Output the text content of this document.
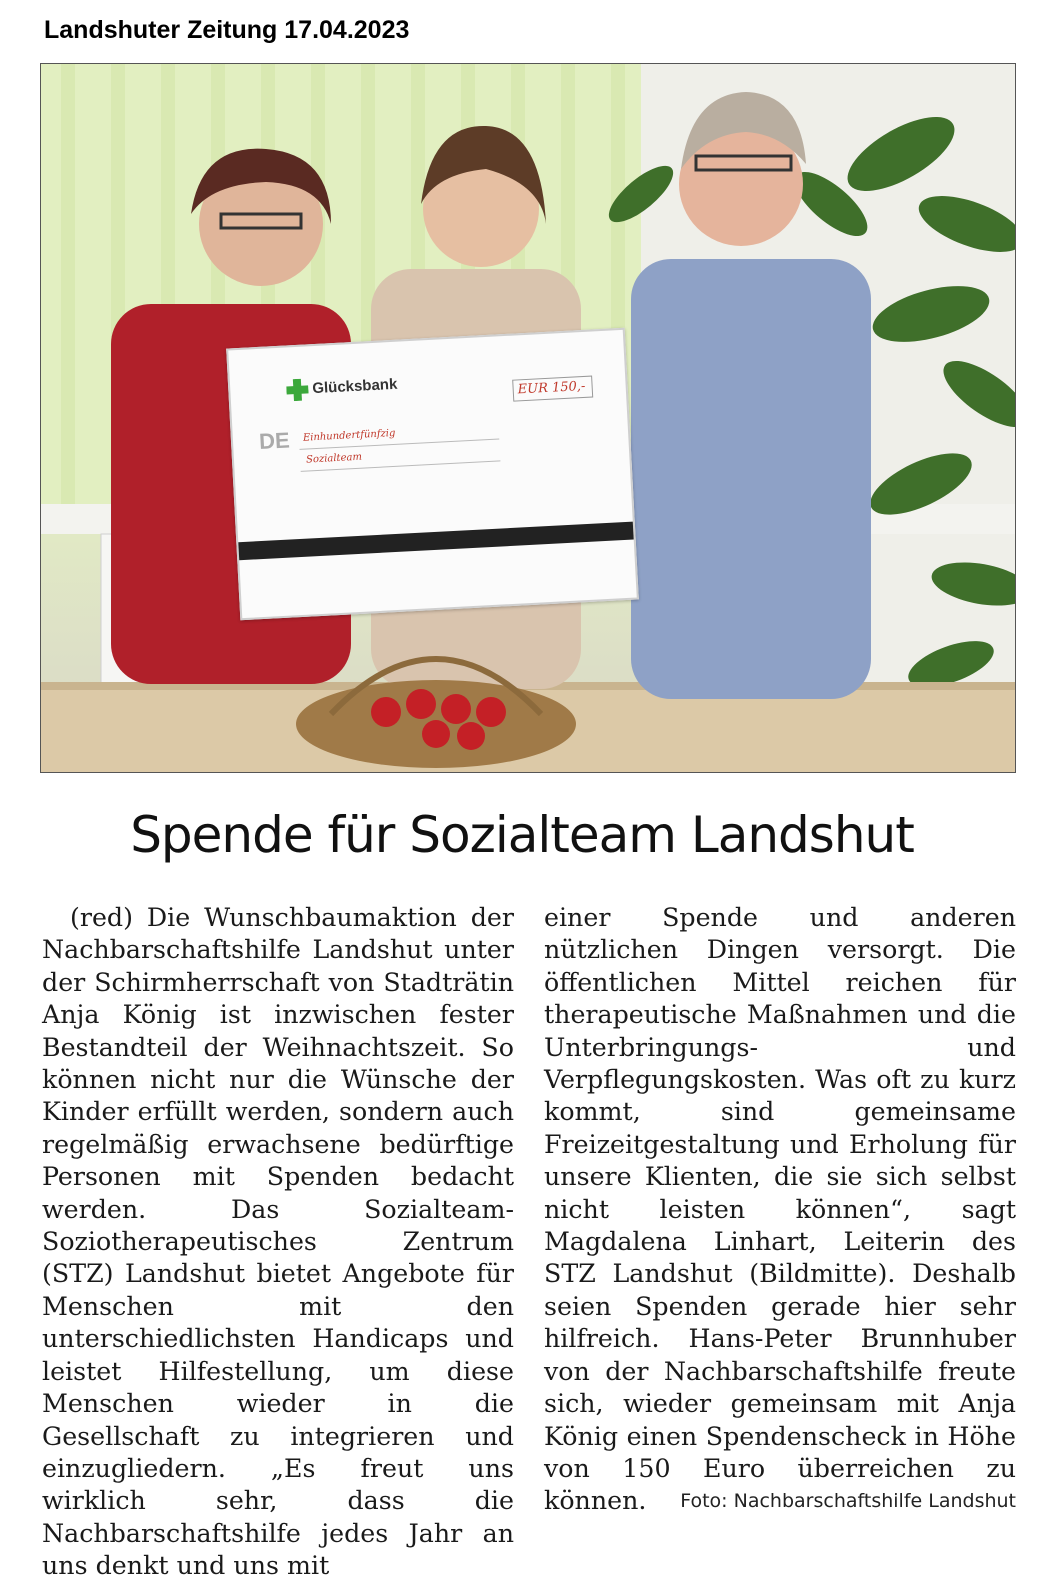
Landshuter Zeitung 17.04.2023
Glücksbank	EUR 150,-
DE Einhundertfünfzig
Sozialteam
Spende für Sozialteam Landshut

(red) Die Wunschbaumaktion der Nachbarschaftshilfe Landshut unter der Schirmherrschaft von Stadträtin Anja König ist inzwischen fester Bestandteil der Weihnachtszeit. So können nicht nur die Wünsche der Kinder erfüllt werden, sondern auch regelmäßig erwachsene bedürftige Personen mit Spenden bedacht werden. Das Sozialteam-Soziotherapeutisches Zentrum (STZ) Landshut bietet Angebote für Menschen mit den unterschiedlichsten Handicaps und leistet Hilfestellung, um diese Menschen wieder in die Gesellschaft zu integrieren und einzugliedern. „Es freut uns wirklich sehr, dass die Nachbarschaftshilfe jedes Jahr an uns denkt und uns mit

einer Spende und anderen nützlichen Dingen versorgt. Die öffentlichen Mittel reichen für therapeutische Maßnahmen und die Unterbringungs- und Verpflegungskosten. Was oft zu kurz kommt, sind gemeinsame Freizeitgestaltung und Erholung für unsere Klienten, die sie sich selbst nicht leisten können“, sagt Magdalena Linhart, Leiterin des STZ Landshut (Bildmitte). Deshalb seien Spenden gerade hier sehr hilfreich. Hans-Peter Brunnhuber von der Nachbarschaftshilfe freute sich, wieder gemeinsam mit Anja König einen Spendenscheck in Höhe von 150 Euro überreichen zu können.	Foto: Nachbarschaftshilfe Landshut
